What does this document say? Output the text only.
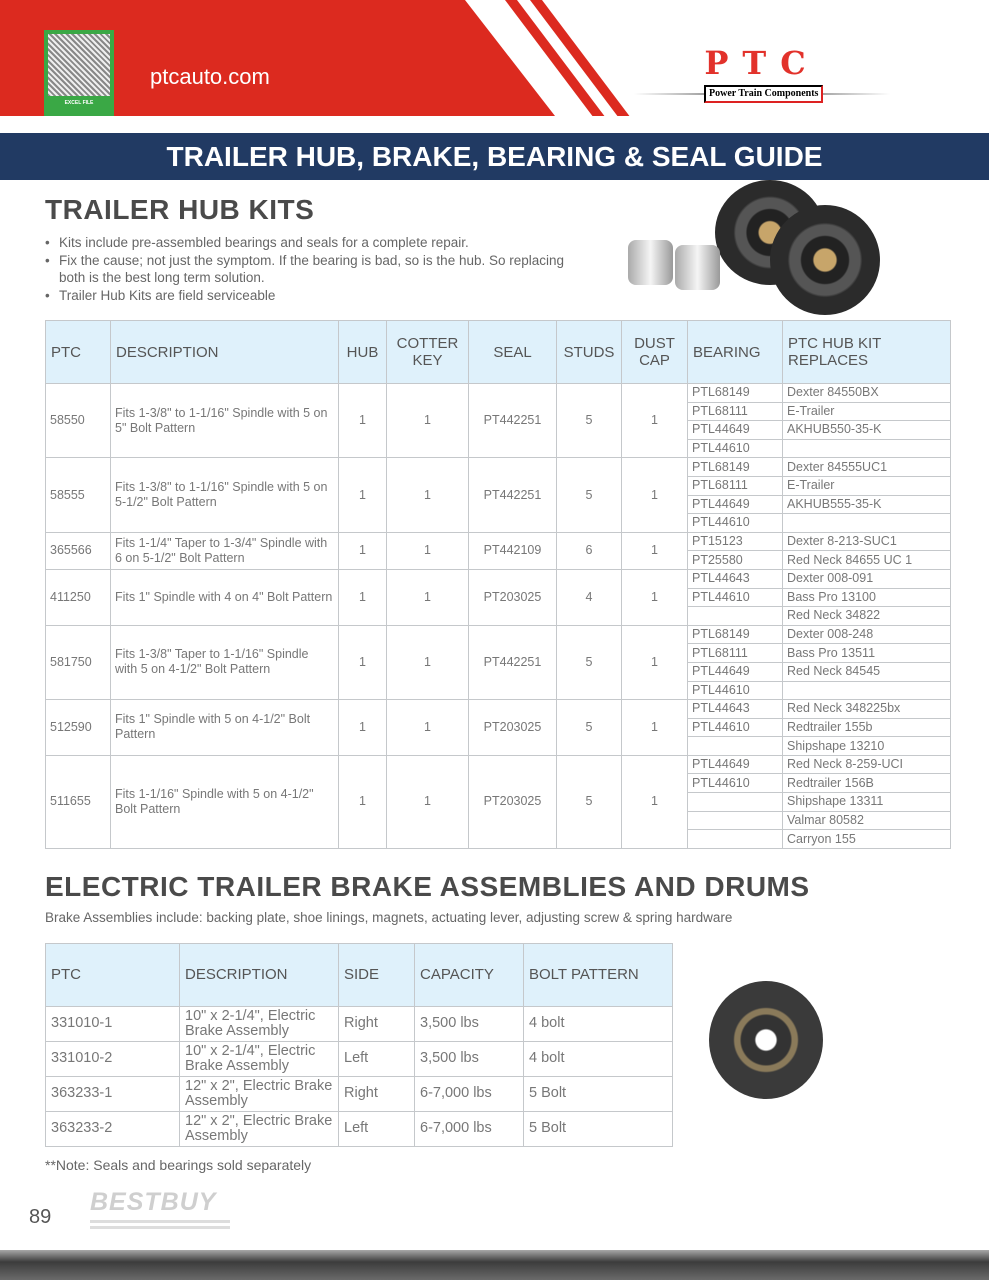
EXCEL FILE
ptcauto.com	PTC
Power Train Components
TRAILER HUB, BRAKE, BEARING & SEAL GUIDE
TRAILER HUB KITS
• Kits include pre-assembled bearings and seals for a complete repair.
• Fix the cause; not just the symptom. If the bearing is bad, so is the hub. So replacing both is the best long term solution.
• Trailer Hub Kits are field serviceable
PTC	DESCRIPTION	HUB	COTTER KEY	SEAL	STUDS	DUST CAP	BEARING	PTC HUB KIT REPLACES
58550	Fits 1-3/8" to 1-1/16" Spindle with 5 on 5" Bolt Pattern	1	1	PT442251	5	1	PTL68149	Dexter 84550BX
							PTL68111	E-Trailer
							PTL44649	AKHUB550-35-K
							PTL44610	
58555	Fits 1-3/8" to 1-1/16" Spindle with 5 on 5-1/2" Bolt Pattern	1	1	PT442251	5	1	PTL68149	Dexter 84555UC1
							PTL68111	E-Trailer
							PTL44649	AKHUB555-35-K
							PTL44610	
365566	Fits 1-1/4" Taper to 1-3/4" Spindle with 6 on 5-1/2" Bolt Pattern	1	1	PT442109	6	1	PT15123	Dexter 8-213-SUC1
							PT25580	Red Neck 84655 UC 1
411250	Fits 1" Spindle with 4 on 4" Bolt Pattern	1	1	PT203025	4	1	PTL44643	Dexter 008-091
							PTL44610	Bass Pro 13100
								Red Neck 34822
581750	Fits 1-3/8" Taper to 1-1/16" Spindle with 5 on 4-1/2" Bolt Pattern	1	1	PT442251	5	1	PTL68149	Dexter 008-248
							PTL68111	Bass Pro 13511
							PTL44649	Red Neck 84545
							PTL44610	
512590	Fits 1" Spindle with 5 on 4-1/2" Bolt Pattern	1	1	PT203025	5	1	PTL44643	Red Neck 348225bx
							PTL44610	Redtrailer 155b
								Shipshape 13210
511655	Fits 1-1/16" Spindle with 5 on 4-1/2" Bolt Pattern	1	1	PT203025	5	1	PTL44649	Red Neck 8-259-UCI
							PTL44610	Redtrailer 156B
								Shipshape 13311
								Valmar 80582
								Carryon 155
ELECTRIC TRAILER BRAKE ASSEMBLIES AND DRUMS
Brake Assemblies include: backing plate, shoe linings, magnets, actuating lever, adjusting screw & spring hardware
PTC	DESCRIPTION	SIDE	CAPACITY	BOLT PATTERN
331010-1	10" x 2-1/4", Electric Brake Assembly	Right	3,500 lbs	4 bolt
331010-2	10" x 2-1/4", Electric Brake Assembly	Left	3,500 lbs	4 bolt
363233-1	12" x 2", Electric Brake Assembly	Right	6-7,000 lbs	5 Bolt
363233-2	12" x 2", Electric Brake Assembly	Left	6-7,000 lbs	5 Bolt
**Note: Seals and bearings sold separately
89
BESTBUY
